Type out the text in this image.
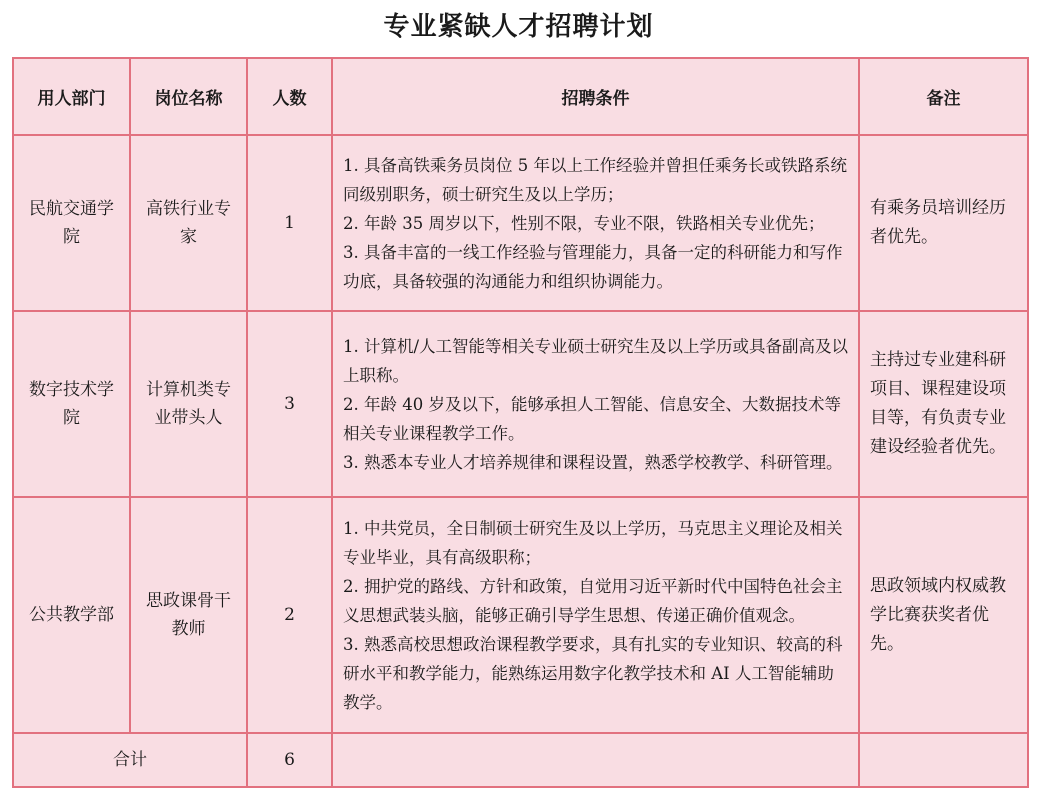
专业紧缺人才招聘计划
用人部门	岗位名称	人数	招聘条件	备注
民航交通学院	高铁行业专家	1	1. 具备高铁乘务员岗位 5 年以上工作经验并曾担任乘务长或铁路系统同级别职务，硕士研究生及以上学历；

2. 年龄 35 周岁以下，性别不限，专业不限，铁路相关专业优先；

3. 具备丰富的一线工作经验与管理能力，具备一定的科研能力和写作功底，具备较强的沟通能力和组织协调能力。	有乘务员培训经历者优先。
数字技术学院	计算机类专业带头人	3	1. 计算机/人工智能等相关专业硕士研究生及以上学历或具备副高及以上职称。

2. 年龄 40 岁及以下，能够承担人工智能、信息安全、大数据技术等相关专业课程教学工作。

3. 熟悉本专业人才培养规律和课程设置，熟悉学校教学、科研管理。	主持过专业建科研项目、课程建设项目等，有负责专业建设经验者优先。
公共教学部	思政课骨干教师	2	1. 中共党员，全日制硕士研究生及以上学历，马克思主义理论及相关专业毕业，具有高级职称；

2. 拥护党的路线、方针和政策，自觉用习近平新时代中国特色社会主义思想武装头脑，能够正确引导学生思想、传递正确价值观念。

3. 熟悉高校思想政治课程教学要求，具有扎实的专业知识、较高的科研水平和教学能力，能熟练运用数字化教学技术和 AI 人工智能辅助教学。	思政领域内权威教学比赛获奖者优先。
合计		6		
